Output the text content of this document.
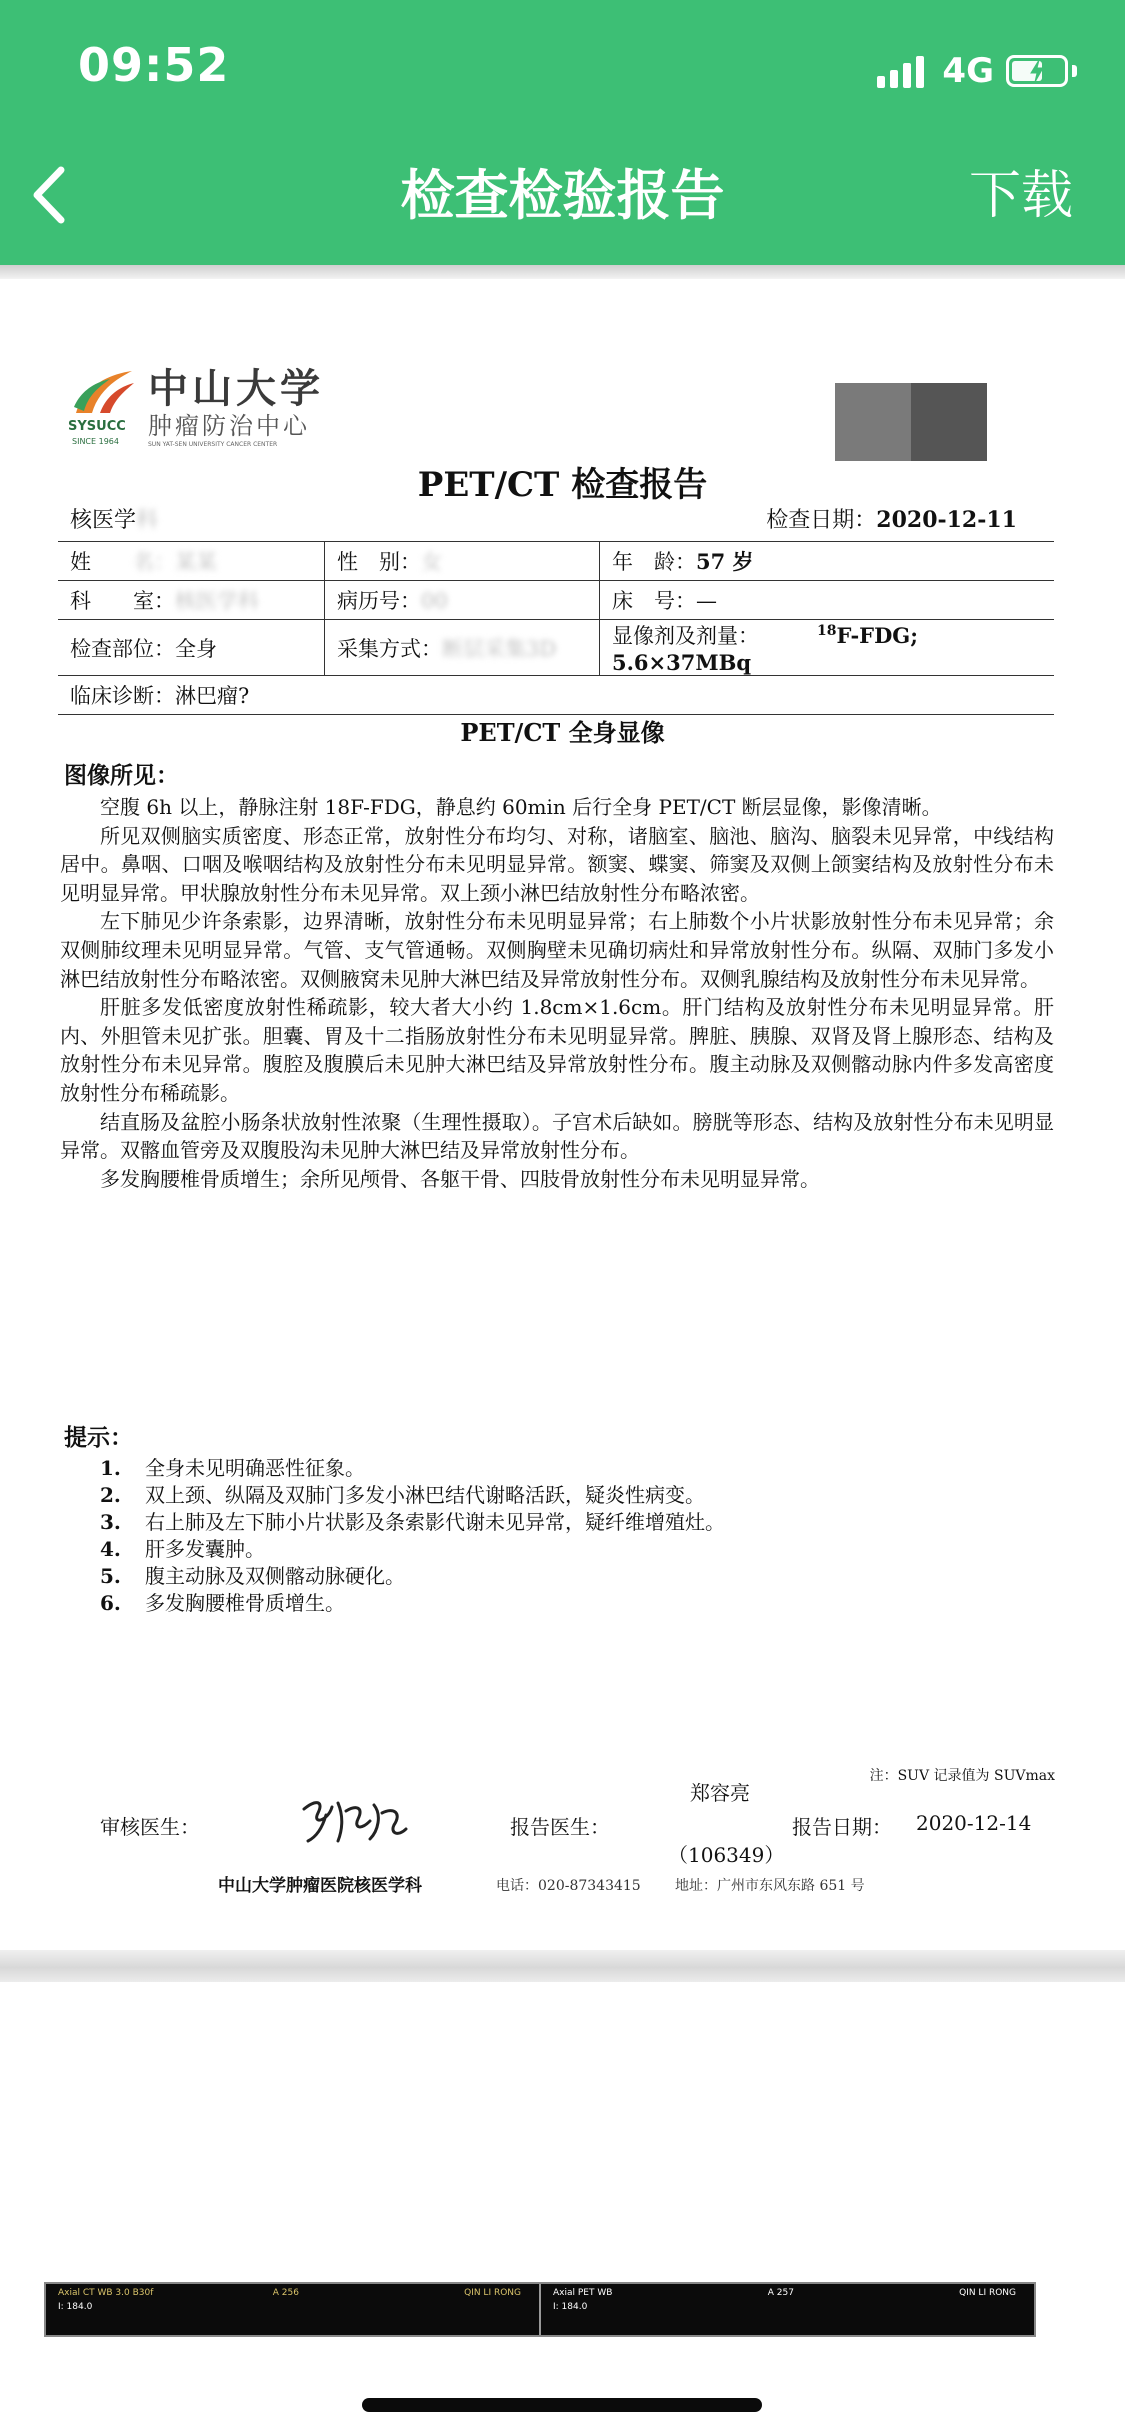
09:52	4G
检查检验报告	下载
SYSUCC
SINCE 1964
中山大学
肿瘤防治中心
SUN YAT-SEN UNIVERSITY CANCER CENTER
PET/CT 检查报告
核医学科	检查日期：2020-12-11
姓　　名：某某	性　别：女	年　龄：57 岁
科　　室：核医学科	病历号：00	床　号：—
检查部位：全身	采集方式：断层采集3D	显像剂及剂量： $^{18}$F-FDG;5.6×37MBq
临床诊断：淋巴瘤?		
PET/CT 全身显像
图像所见：

空腹 6h 以上，静脉注射 18F-FDG，静息约 60min 后行全身 PET/CT 断层显像，影像清晰。

所见双侧脑实质密度、形态正常，放射性分布均匀、对称，诸脑室、脑池、脑沟、脑裂未见异常，中线结构居中。鼻咽、口咽及喉咽结构及放射性分布未见明显异常。额窦、蝶窦、筛窦及双侧上颌窦结构及放射性分布未见明显异常。甲状腺放射性分布未见异常。双上颈小淋巴结放射性分布略浓密。

左下肺见少许条索影，边界清晰，放射性分布未见明显异常；右上肺数个小片状影放射性分布未见异常；余双侧肺纹理未见明显异常。气管、支气管通畅。双侧胸壁未见确切病灶和异常放射性分布。纵隔、双肺门多发小淋巴结放射性分布略浓密。双侧腋窝未见肿大淋巴结及异常放射性分布。双侧乳腺结构及放射性分布未见异常。

肝脏多发低密度放射性稀疏影，较大者大小约 1.8cm×1.6cm。肝门结构及放射性分布未见明显异常。肝内、外胆管未见扩张。胆囊、胃及十二指肠放射性分布未见明显异常。脾脏、胰腺、双肾及肾上腺形态、结构及放射性分布未见异常。腹腔及腹膜后未见肿大淋巴结及异常放射性分布。腹主动脉及双侧髂动脉内件多发高密度放射性分布稀疏影。

结直肠及盆腔小肠条状放射性浓聚（生理性摄取）。子宫术后缺如。膀胱等形态、结构及放射性分布未见明显异常。双髂血管旁及双腹股沟未见肿大淋巴结及异常放射性分布。

多发胸腰椎骨质增生；余所见颅骨、各躯干骨、四肢骨放射性分布未见明显异常。

提示：
1.	全身未见明确恶性征象。
2.	双上颈、纵隔及双肺门多发小淋巴结代谢略活跃，疑炎性病变。
3.	右上肺及左下肺小片状影及条索影代谢未见异常，疑纤维增殖灶。
4.	肝多发囊肿。
5.	腹主动脉及双侧髂动脉硬化。
6.	多发胸腰椎骨质增生。
注：SUV 记录值为 SUVmax
审核医生：
中山大学肿瘤医院核医学科
报告医生：
郑容亮
（106349）
报告日期： 2020-12-14
电话：020-87343415 地址：广州市东风东路 651 号
Axial CT WB 3.0 B30f
I: 184.0
A 256	QIN LI RONG	Axial PET WB
I: 184.0
A 257	QIN LI RONG
